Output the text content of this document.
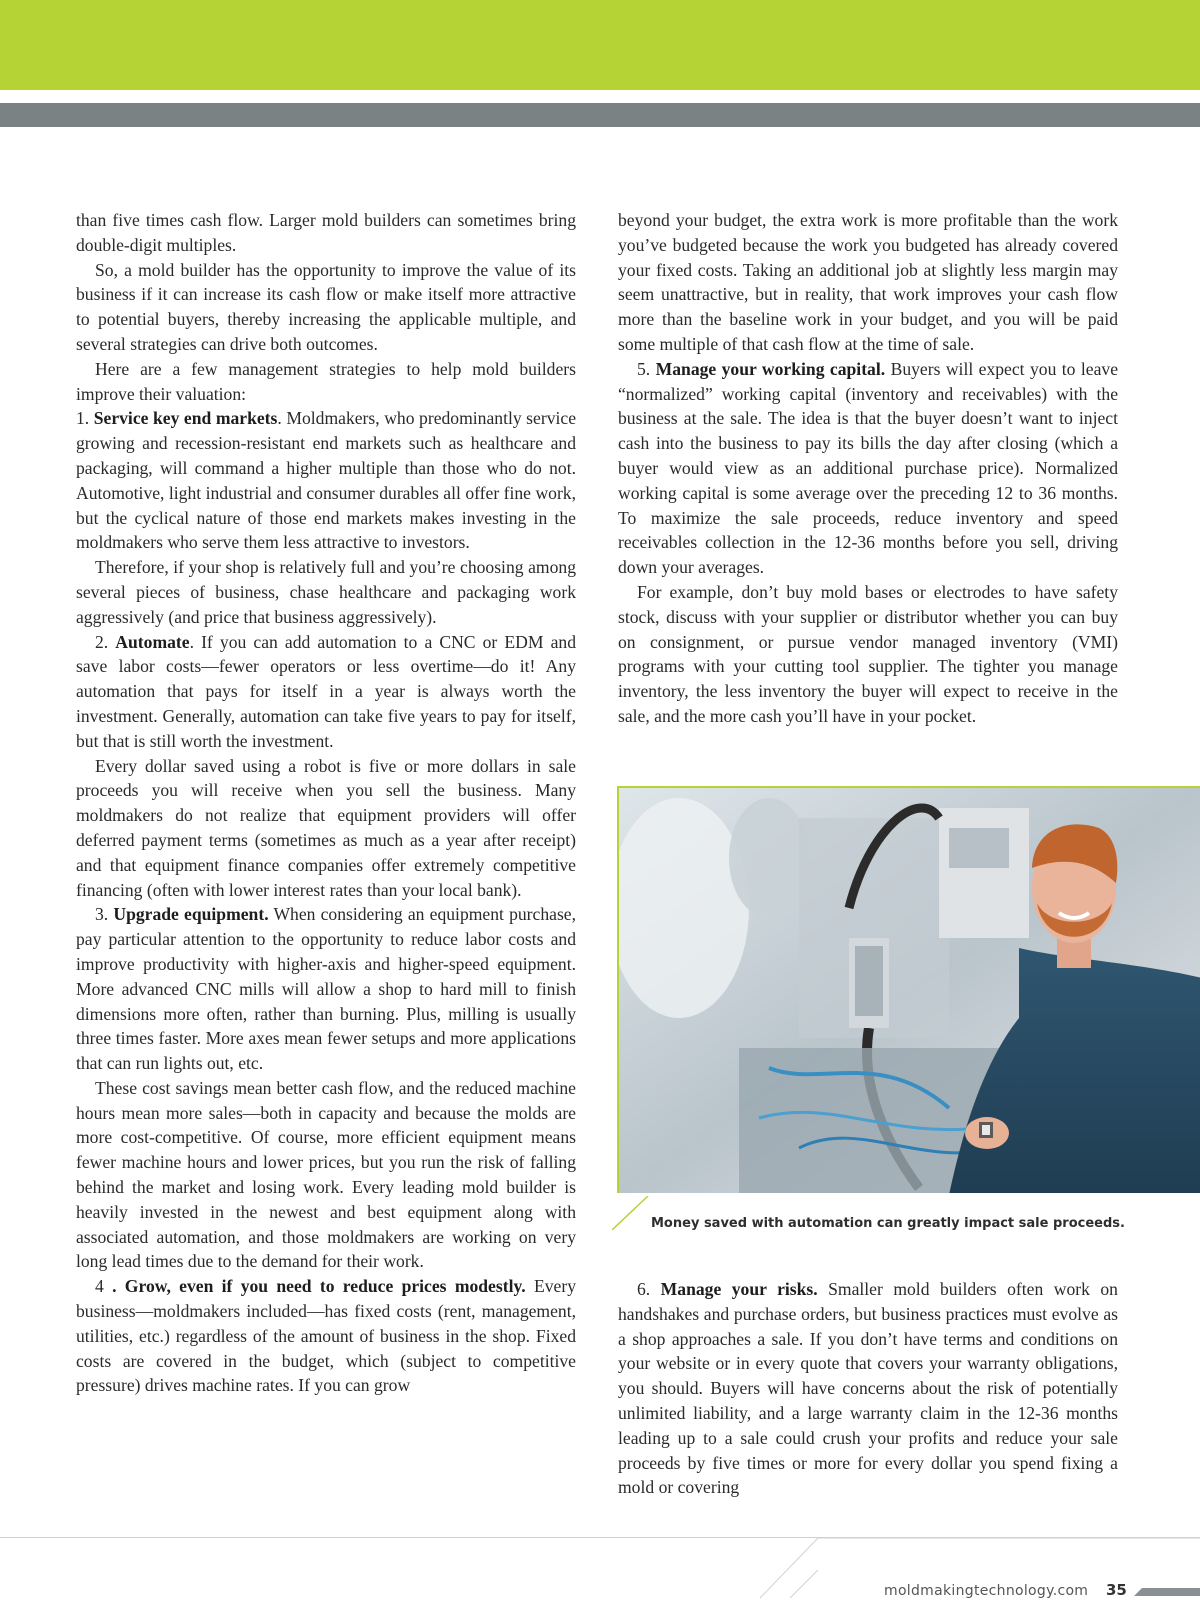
than five times cash flow. Larger mold builders can sometimes bring double-digit multiples.

So, a mold builder has the opportunity to improve the value of its business if it can increase its cash flow or make itself more attractive to potential buyers, thereby increasing the applicable multiple, and several strategies can drive both outcomes.

Here are a few management strategies to help mold builders improve their valuation:

1. Service key end markets. Moldmakers, who predominantly service growing and recession-resistant end markets such as healthcare and packaging, will command a higher multiple than those who do not. Automotive, light industrial and consumer durables all offer fine work, but the cyclical nature of those end markets makes investing in the moldmakers who serve them less attractive to investors.

Therefore, if your shop is relatively full and you’re choosing among several pieces of business, chase healthcare and packaging work aggressively (and price that business aggressively).

2. Automate. If you can add automation to a CNC or EDM and save labor costs—fewer operators or less overtime—do it! Any automation that pays for itself in a year is always worth the investment. Generally, automation can take five years to pay for itself, but that is still worth the investment.

Every dollar saved using a robot is five or more dollars in sale proceeds you will receive when you sell the business. Many moldmakers do not realize that equipment providers will offer deferred payment terms (sometimes as much as a year after receipt) and that equipment finance companies offer extremely competitive financing (often with lower interest rates than your local bank).

3. Upgrade equipment. When considering an equipment purchase, pay particular attention to the opportunity to reduce labor costs and improve productivity with higher-axis and higher-speed equipment. More advanced CNC mills will allow a shop to hard mill to finish dimensions more often, rather than burning. Plus, milling is usually three times faster. More axes mean fewer setups and more applications that can run lights out, etc.

These cost savings mean better cash flow, and the reduced machine hours mean more sales—both in capacity and because the molds are more cost-competitive. Of course, more efficient equipment means fewer machine hours and lower prices, but you run the risk of falling behind the market and losing work. Every leading mold builder is heavily invested in the newest and best equipment along with associated automation, and those moldmakers are working on very long lead times due to the demand for their work.

4 . Grow, even if you need to reduce prices modestly. Every business—moldmakers included—has fixed costs (rent, management, utilities, etc.) regardless of the amount of business in the shop. Fixed costs are covered in the budget, which (subject to competitive pressure) drives machine rates. If you can grow

beyond your budget, the extra work is more profitable than the work you’ve budgeted because the work you budgeted has already covered your fixed costs. Taking an additional job at slightly less margin may seem unattractive, but in reality, that work improves your cash flow more than the baseline work in your budget, and you will be paid some multiple of that cash flow at the time of sale.

5. Manage your working capital. Buyers will expect you to leave “normalized” working capital (inventory and receivables) with the business at the sale. The idea is that the buyer doesn’t want to inject cash into the business to pay its bills the day after closing (which a buyer would view as an additional purchase price). Normalized working capital is some average over the preceding 12 to 36 months. To maximize the sale proceeds, reduce inventory and speed receivables collection in the 12-36 months before you sell, driving down your averages.

For example, don’t buy mold bases or electrodes to have safety stock, discuss with your supplier or distributor whether you can buy on consignment, or pursue vendor managed inventory (VMI) programs with your cutting tool supplier. The tighter you manage inventory, the less inventory the buyer will expect to receive in the sale, and the more cash you’ll have in your pocket.

Money saved with automation can greatly impact sale proceeds.

6. Manage your risks. Smaller mold builders often work on handshakes and purchase orders, but business practices must evolve as a shop approaches a sale. If you don’t have terms and conditions on your website or in every quote that covers your warranty obligations, you should. Buyers will have concerns about the risk of potentially unlimited liability, and a large warranty claim in the 12-36 months leading up to a sale could crush your profits and reduce your sale proceeds by five times or more for every dollar you spend fixing a mold or covering

moldmakingtechnology.com 35
